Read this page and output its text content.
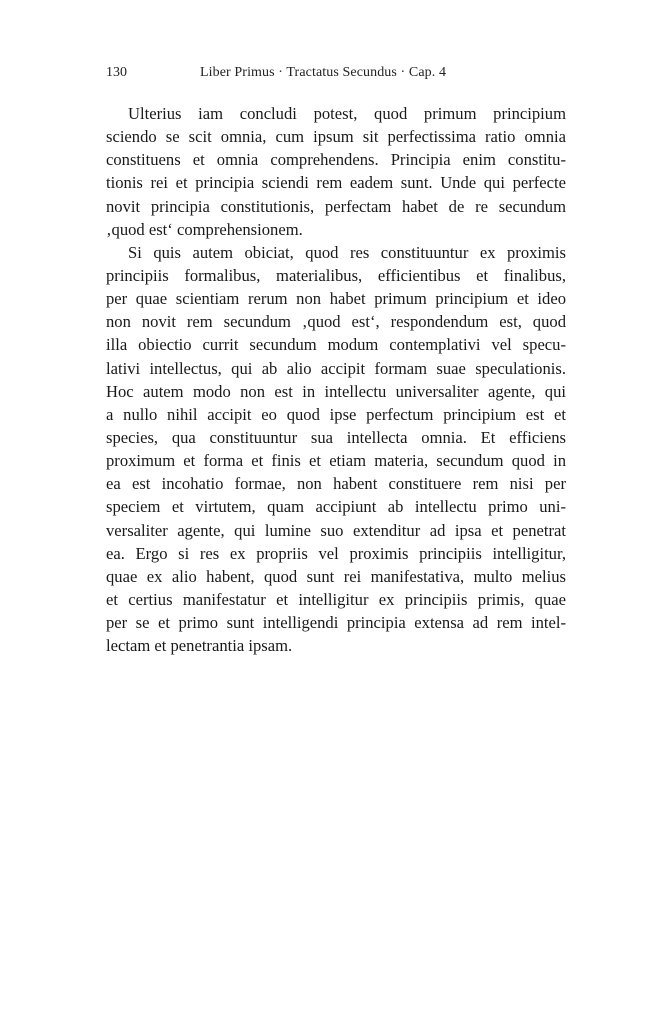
130	Liber Primus · Tractatus Secundus · Cap. 4
Ulterius iam concludi potest, quod primum principium
sciendo se scit omnia, cum ipsum sit perfectissima ratio omnia
constituens et omnia comprehendens. Principia enim constitu-
tionis rei et principia sciendi rem eadem sunt. Unde qui perfecte
novit principia constitutionis, perfectam habet de re secundum
‚quod est‘ comprehensionem.
Si quis autem obiciat, quod res constituuntur ex proximis
principiis formalibus, materialibus, efficientibus et finalibus,
per quae scientiam rerum non habet primum principium et ideo
non novit rem secundum ‚quod est‘, respondendum est, quod
illa obiectio currit secundum modum contemplativi vel specu-
lativi intellectus, qui ab alio accipit formam suae speculationis.
Hoc autem modo non est in intellectu universaliter agente, qui
a nullo nihil accipit eo quod ipse perfectum principium est et
species, qua constituuntur sua intellecta omnia. Et efficiens
proximum et forma et finis et etiam materia, secundum quod in
ea est incohatio formae, non habent constituere rem nisi per
speciem et virtutem, quam accipiunt ab intellectu primo uni-
versaliter agente, qui lumine suo extenditur ad ipsa et penetrat
ea. Ergo si res ex propriis vel proximis principiis intelligitur,
quae ex alio habent, quod sunt rei manifestativa, multo melius
et certius manifestatur et intelligitur ex principiis primis, quae
per se et primo sunt intelligendi principia extensa ad rem intel-
lectam et penetrantia ipsam.
